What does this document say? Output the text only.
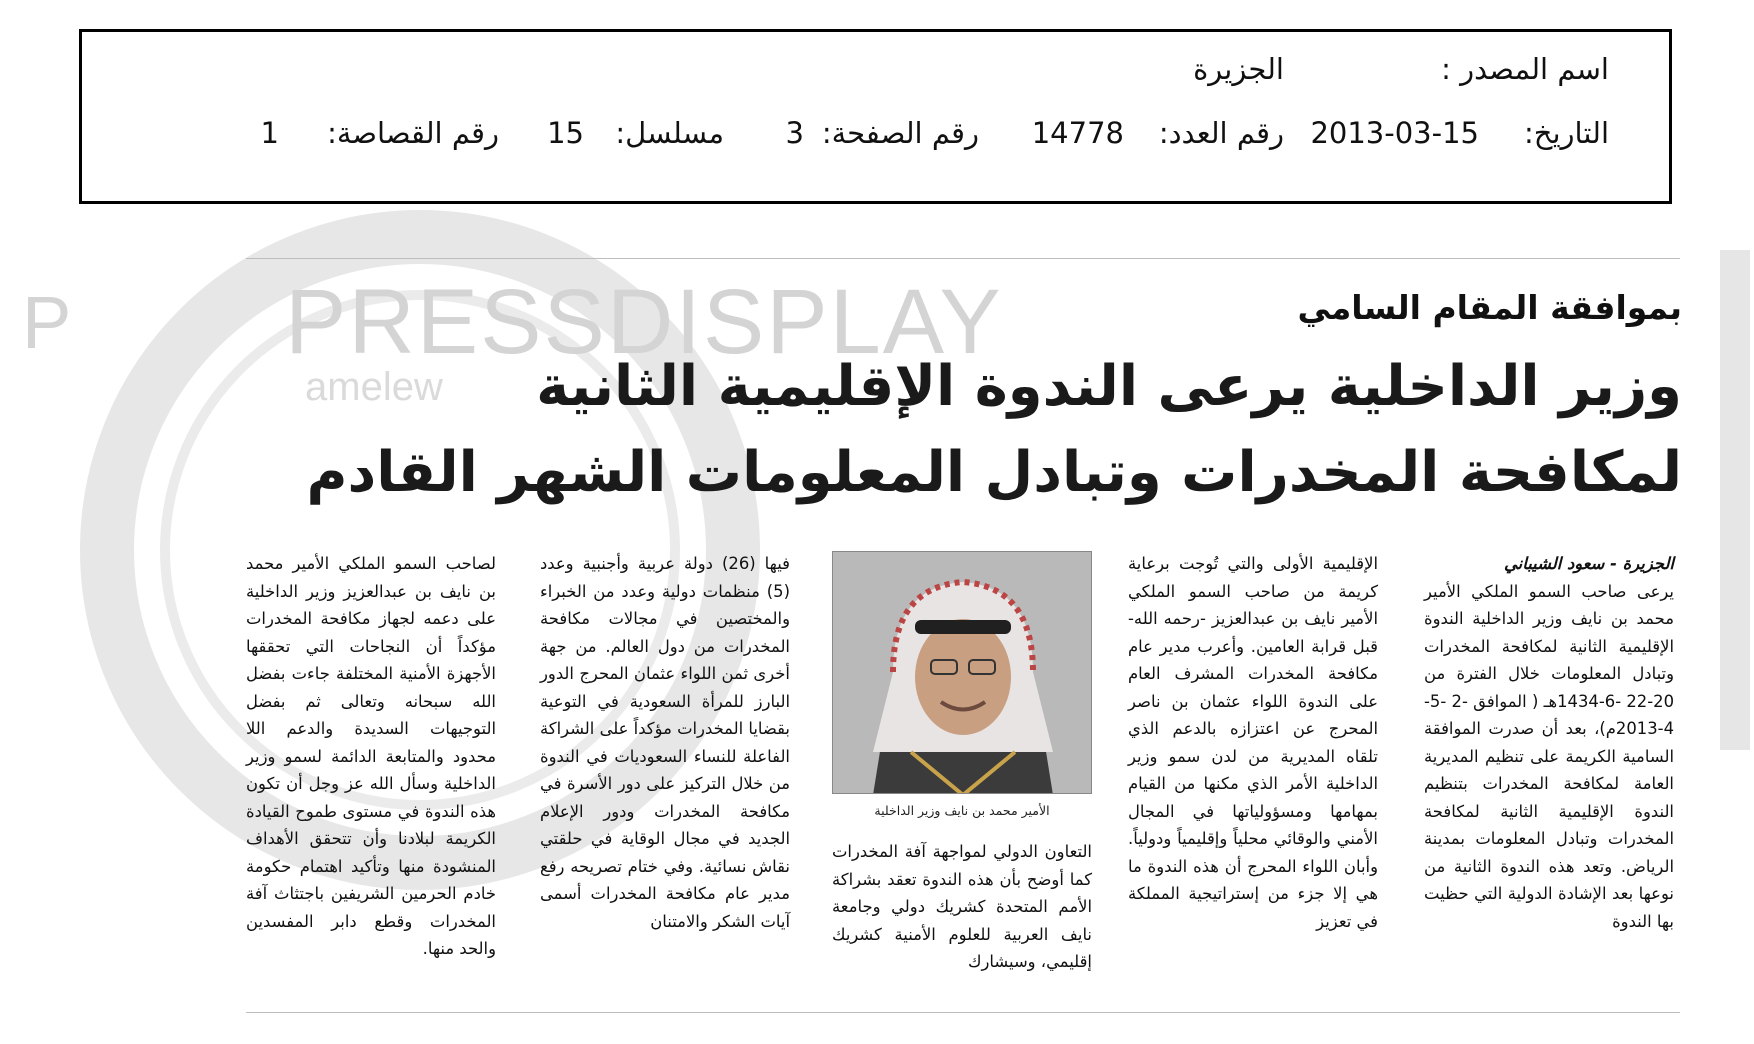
P PRESSDISPLAY
amelew
اسم المصدر :
الجزيرة
التاريخ:
2013-03-15
رقم العدد:
14778
رقم الصفحة:
3
مسلسل:
15
رقم القصاصة:
1
بموافقة المقام السامي
وزير الداخلية يرعى الندوة الإقليمية الثانية
لمكافحة المخدرات وتبادل المعلومات الشهر القادم

الجزيرة - سعود الشيباني

يرعى صاحب السمو الملكي الأمير محمد بن نايف وزير الداخلية الندوة الإقليمية الثانية لمكافحة المخدرات وتبادل المعلومات خلال الفترة من 20-22 -6-1434هـ ( الموافق -2 -5-4-2013م)، بعد أن صدرت الموافقة السامية الكريمة على تنظيم المديرية العامة لمكافحة المخدرات بتنظيم الندوة الإقليمية الثانية لمكافحة المخدرات وتبادل المعلومات بمدينة الرياض. وتعد هذه الندوة الثانية من نوعها بعد الإشادة الدولية التي حظيت بها الندوة

الإقليمية الأولى والتي تُوجت برعاية كريمة من صاحب السمو الملكي الأمير نايف بن عبدالعزيز -رحمه الله- قبل قرابة العامين. وأعرب مدير عام مكافحة المخدرات المشرف العام على الندوة اللواء عثمان بن ناصر المحرج عن اعتزازه بالدعم الذي تلقاه المديرية من لدن سمو وزير الداخلية الأمر الذي مكنها من القيام بمهامها ومسؤولياتها في المجال الأمني والوقائي محلياً وإقليمياً ودولياً. وأبان اللواء المحرج أن هذه الندوة ما هي إلا جزء من إستراتيجية المملكة في تعزيز

الأمير محمد بن نايف وزير الداخلية

التعاون الدولي لمواجهة آفة المخدرات كما أوضح بأن هذه الندوة تعقد بشراكة الأمم المتحدة كشريك دولي وجامعة نايف العربية للعلوم الأمنية كشريك إقليمي، وسيشارك

فيها (26) دولة عربية وأجنبية وعدد (5) منظمات دولية وعدد من الخبراء والمختصين في مجالات مكافحة المخدرات من دول العالم. من جهة أخرى ثمن اللواء عثمان المحرج الدور البارز للمرأة السعودية في التوعية بقضايا المخدرات مؤكداً على الشراكة الفاعلة للنساء السعوديات في الندوة من خلال التركيز على دور الأسرة في مكافحة المخدرات ودور الإعلام الجديد في مجال الوقاية في حلقتي نقاش نسائية. وفي ختام تصريحه رفع مدير عام مكافحة المخدرات أسمى آيات الشكر والامتنان

لصاحب السمو الملكي الأمير محمد بن نايف بن عبدالعزيز وزير الداخلية على دعمه لجهاز مكافحة المخدرات مؤكداً أن النجاحات التي تحققها الأجهزة الأمنية المختلفة جاءت بفضل الله سبحانه وتعالى ثم بفضل التوجيهات السديدة والدعم اللا محدود والمتابعة الدائمة لسمو وزير الداخلية وسأل الله عز وجل أن تكون هذه الندوة في مستوى طموح القيادة الكريمة لبلادنا وأن تتحقق الأهداف المنشودة منها وتأكيد اهتمام حكومة خادم الحرمين الشريفين باجتثاث آفة المخدرات وقطع دابر المفسدين والحد منها.
